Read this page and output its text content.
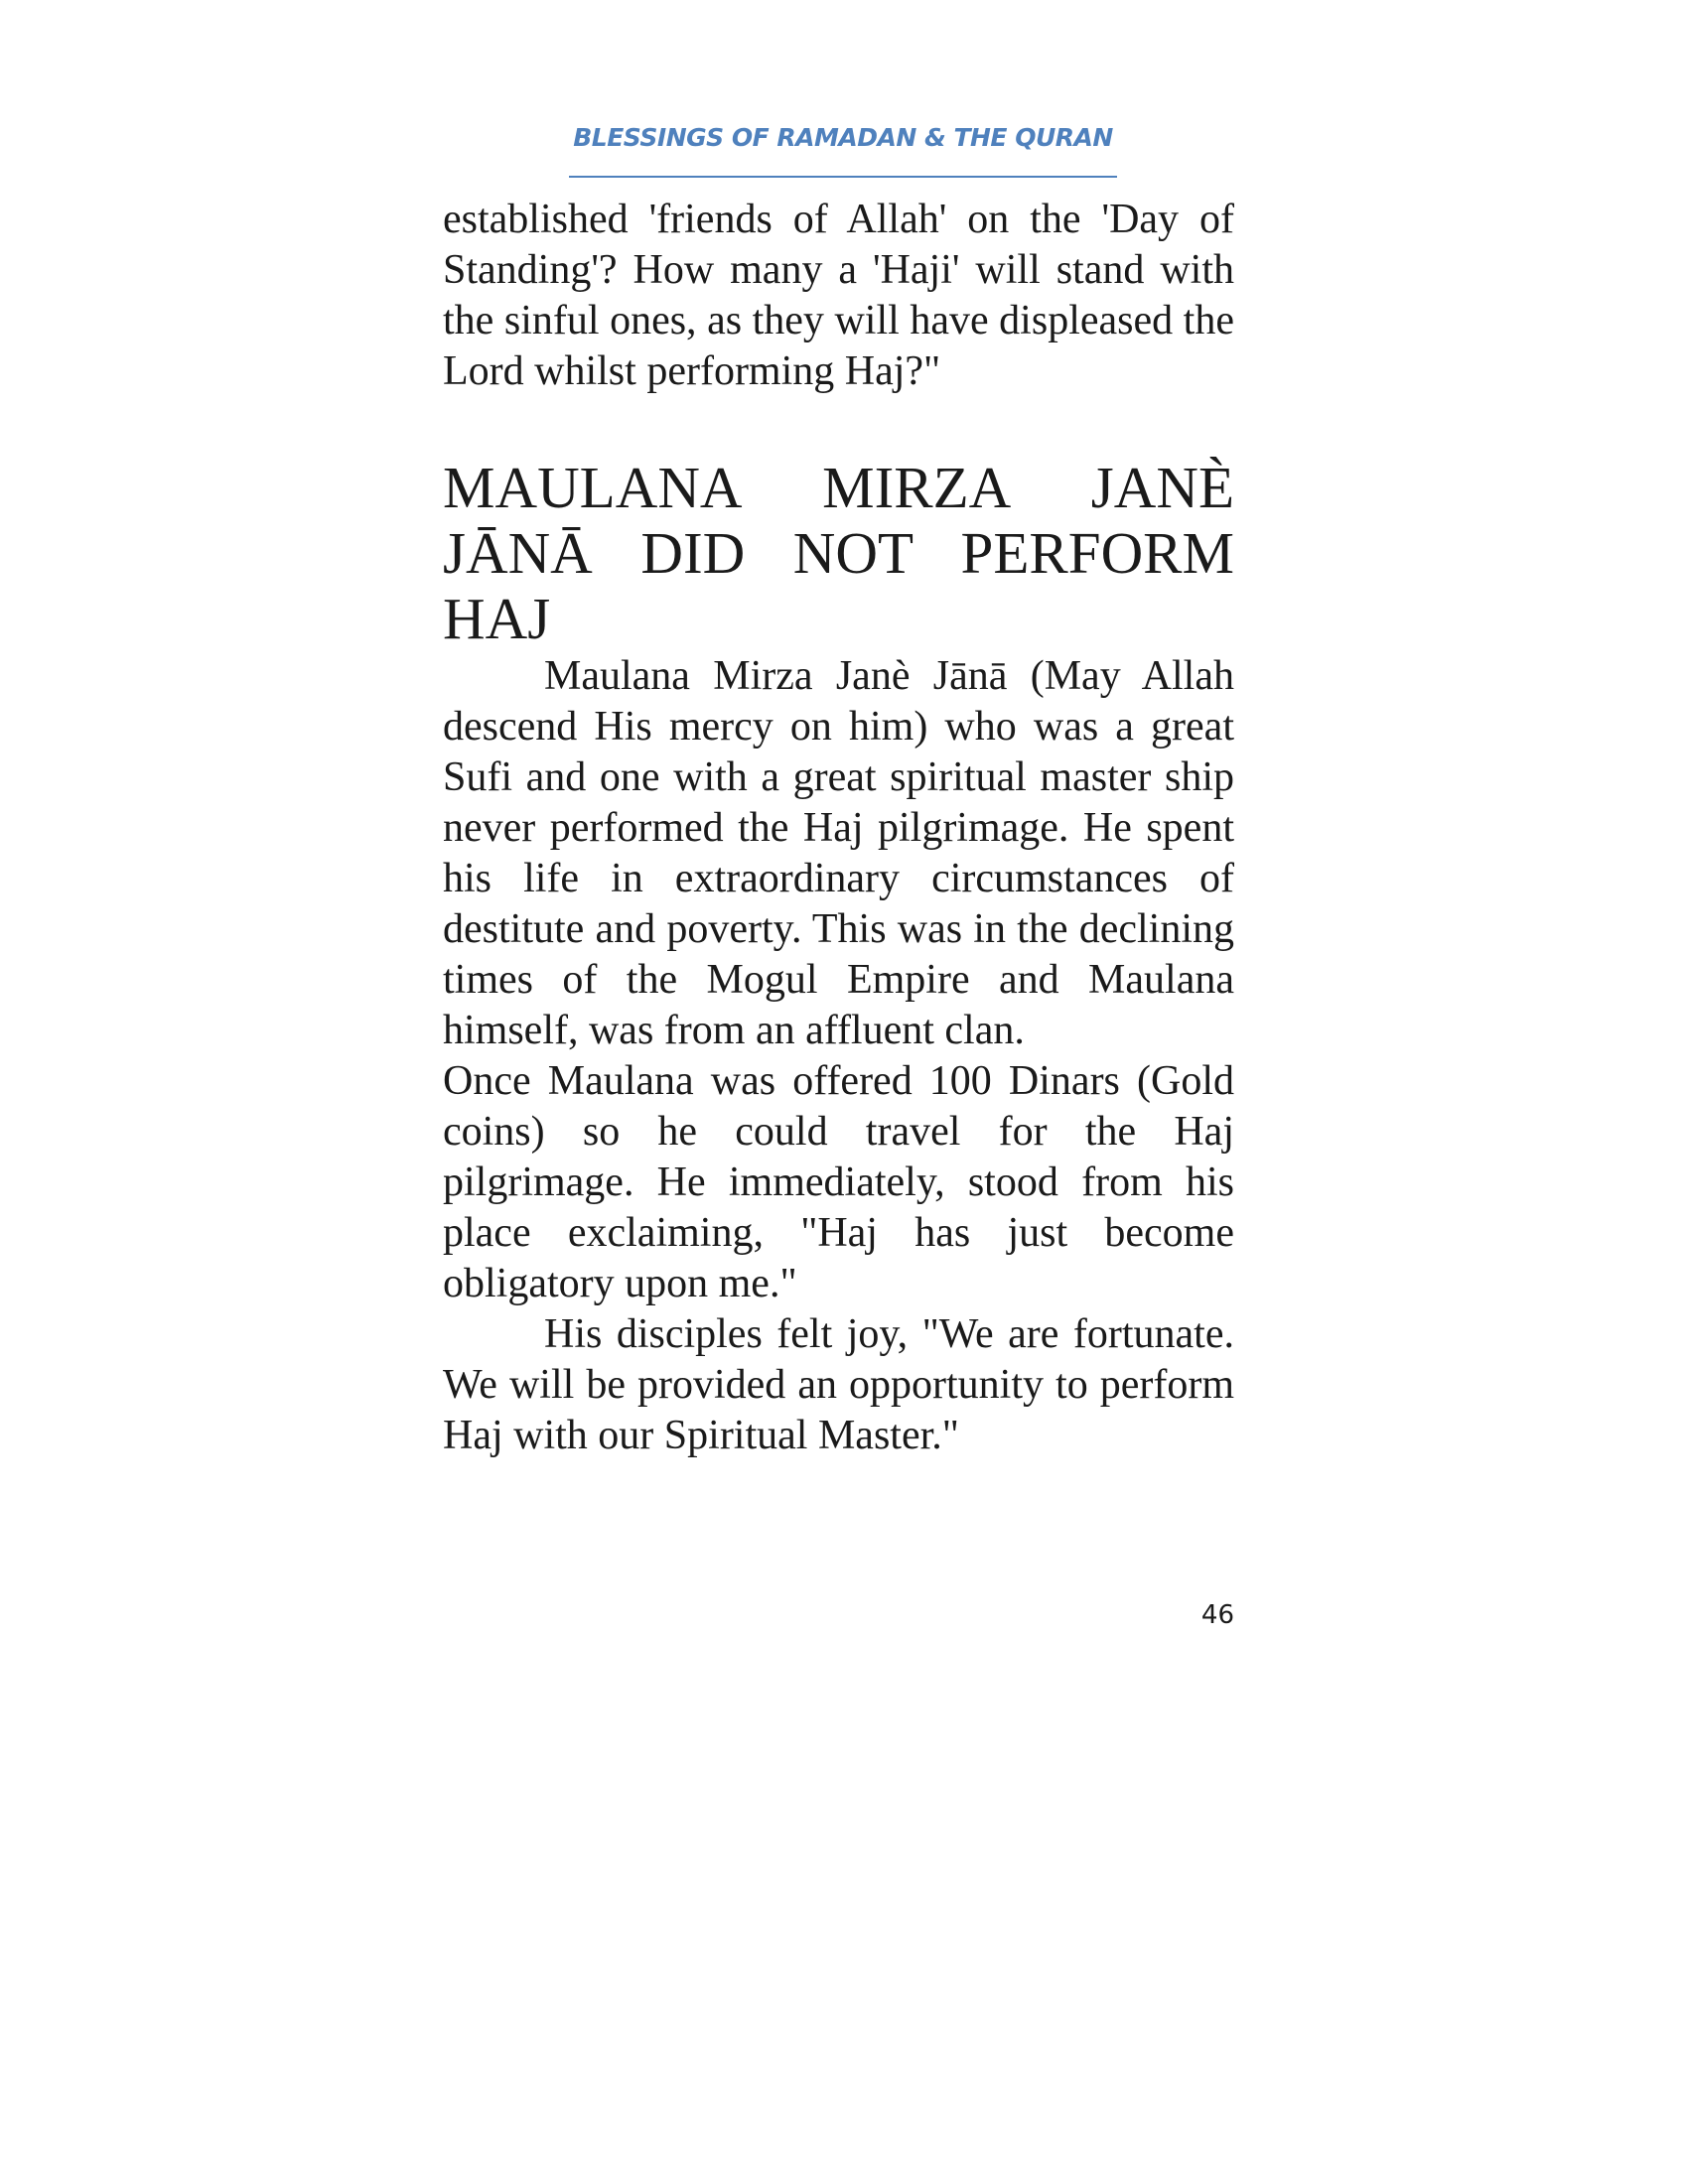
BLESSINGS OF RAMADAN & THE QURAN

established 'friends of Allah' on the 'Day of Standing'? How many a 'Haji' will stand with the sinful ones, as they will have displeased the Lord whilst performing Haj?"

MAULANA MIRZA JANÈ JĀNĀ DID NOT PERFORM HAJ

Maulana Mirza Janè Jānā (May Allah descend His mercy on him) who was a great Sufi and one with a great spiritual master ship never performed the Haj pilgrimage. He spent his life in extraordinary circumstances of destitute and poverty. This was in the declining times of the Mogul Empire and Maulana himself, was from an affluent clan.

Once Maulana was offered 100 Dinars (Gold coins) so he could travel for the Haj pilgrimage. He immediately, stood from his place exclaiming, "Haj has just become obligatory upon me."

His disciples felt joy, "We are fortunate. We will be provided an opportunity to perform Haj with our Spiritual Master."

46
